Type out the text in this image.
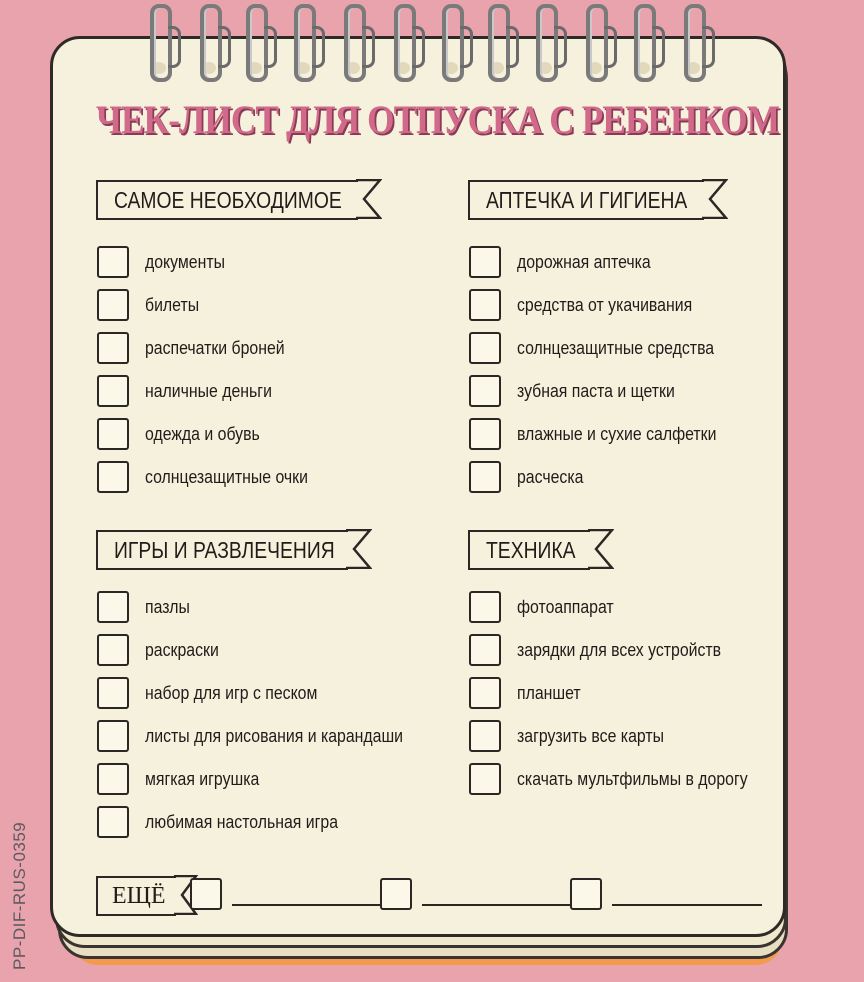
ЧЕК-ЛИСТ ДЛЯ ОТПУСКА С РЕБЕНКОМ
САМОЕ НЕОБХОДИМОЕ	АПТЕЧКА И ГИГИЕНА
ИГРЫ И РАЗВЛЕЧЕНИЯ	ТЕХНИКА
документы
билеты
распечатки броней
наличные деньги
одежда и обувь
солнцезащитные очки
дорожная аптечка
средства от укачивания
солнцезащитные средства
зубная паста и щетки
влажные и сухие салфетки
расческа
пазлы
раскраски
набор для игр с песком
листы для рисования и карандаши
мягкая игрушка
любимая настольная игра
фотоаппарат
зарядки для всех устройств
планшет
загрузить все карты
скачать мультфильмы в дорогу
ЕЩЁ
PP-DIF-RUS-0359
